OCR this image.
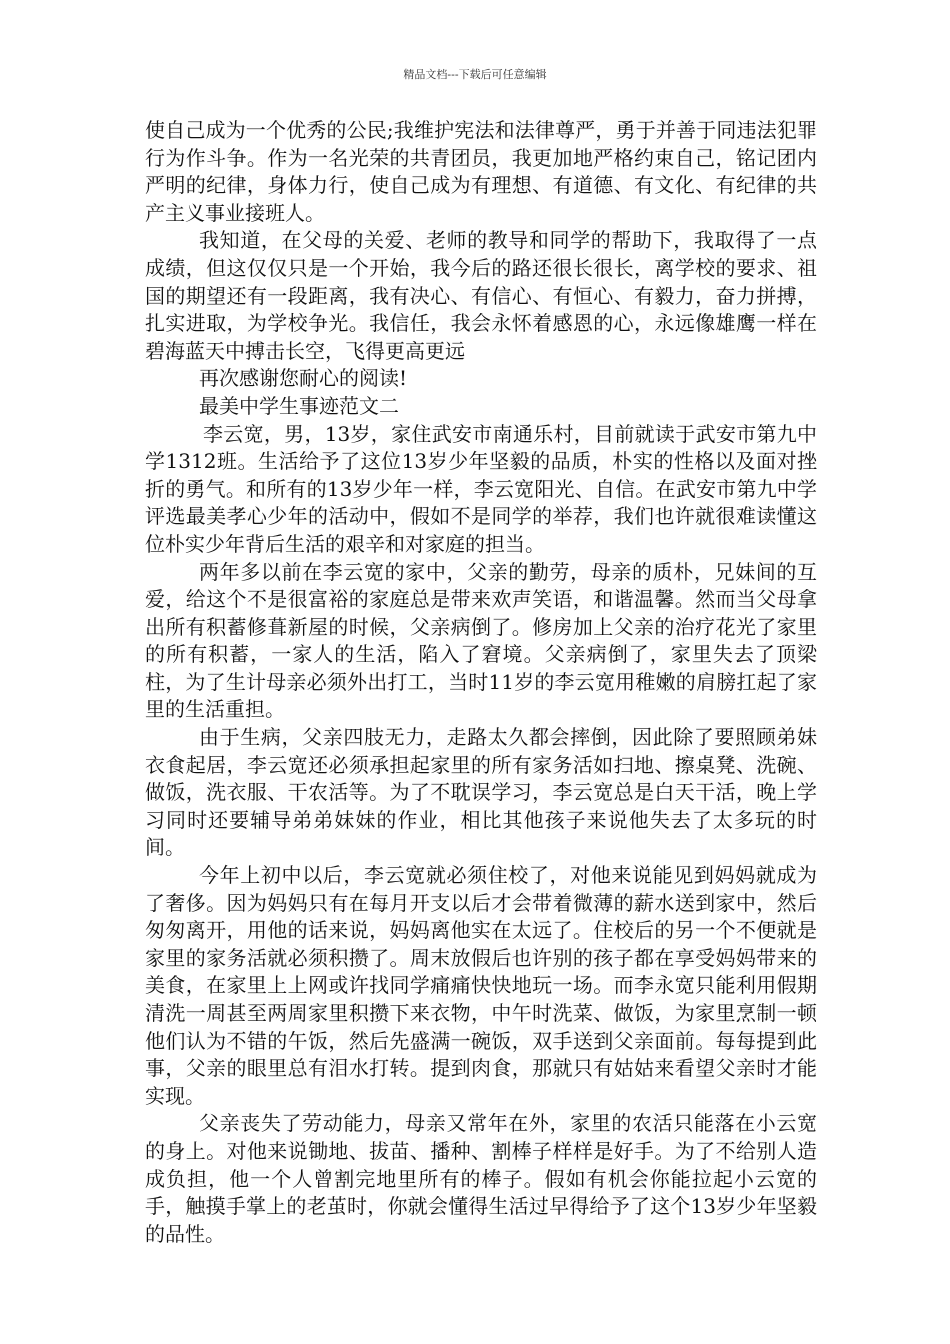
精品文档---下载后可任意编辑

使自己成为一个优秀的公民;我维护宪法和法律尊严，勇于并善于同违法犯罪行为作斗争。作为一名光荣的共青团员，我更加地严格约束自己，铭记团内严明的纪律，身体力行，使自己成为有理想、有道德、有文化、有纪律的共产主义事业接班人。

我知道，在父母的关爱、老师的教导和同学的帮助下，我取得了一点成绩，但这仅仅只是一个开始，我今后的路还很长很长，离学校的要求、祖国的期望还有一段距离，我有决心、有信心、有恒心、有毅力，奋力拼搏，扎实进取，为学校争光。我信任，我会永怀着感恩的心，永远像雄鹰一样在碧海蓝天中搏击长空，飞得更高更远

再次感谢您耐心的阅读!

最美中学生事迹范文二

李云宽，男，13岁，家住武安市南通乐村，目前就读于武安市第九中学1312班。生活给予了这位13岁少年坚毅的品质，朴实的性格以及面对挫折的勇气。和所有的13岁少年一样，李云宽阳光、自信。在武安市第九中学评选最美孝心少年的活动中，假如不是同学的举荐，我们也许就很难读懂这位朴实少年背后生活的艰辛和对家庭的担当。

两年多以前在李云宽的家中，父亲的勤劳，母亲的质朴，兄妹间的互爱，给这个不是很富裕的家庭总是带来欢声笑语，和谐温馨。然而当父母拿出所有积蓄修葺新屋的时候，父亲病倒了。修房加上父亲的治疗花光了家里的所有积蓄，一家人的生活，陷入了窘境。父亲病倒了，家里失去了顶梁柱，为了生计母亲必须外出打工，当时11岁的李云宽用稚嫩的肩膀扛起了家里的生活重担。

由于生病，父亲四肢无力，走路太久都会摔倒，因此除了要照顾弟妹衣食起居，李云宽还必须承担起家里的所有家务活如扫地、擦桌凳、洗碗、做饭，洗衣服、干农活等。为了不耽误学习，李云宽总是白天干活，晚上学习同时还要辅导弟弟妹妹的作业，相比其他孩子来说他失去了太多玩的时间。

今年上初中以后，李云宽就必须住校了，对他来说能见到妈妈就成为了奢侈。因为妈妈只有在每月开支以后才会带着微薄的薪水送到家中，然后匆匆离开，用他的话来说，妈妈离他实在太远了。住校后的另一个不便就是家里的家务活就必须积攒了。周末放假后也许别的孩子都在享受妈妈带来的美食，在家里上上网或许找同学痛痛快快地玩一场。而李永宽只能利用假期清洗一周甚至两周家里积攒下来衣物，中午时洗菜、做饭，为家里烹制一顿他们认为不错的午饭，然后先盛满一碗饭，双手送到父亲面前。每每提到此事，父亲的眼里总有泪水打转。提到肉食，那就只有姑姑来看望父亲时才能实现。

父亲丧失了劳动能力，母亲又常年在外，家里的农活只能落在小云宽的身上。对他来说锄地、拔苗、播种、割棒子样样是好手。为了不给别人造成负担，他一个人曾割完地里所有的棒子。假如有机会你能拉起小云宽的手，触摸手掌上的老茧时，你就会懂得生活过早得给予了这个13岁少年坚毅的品性。
